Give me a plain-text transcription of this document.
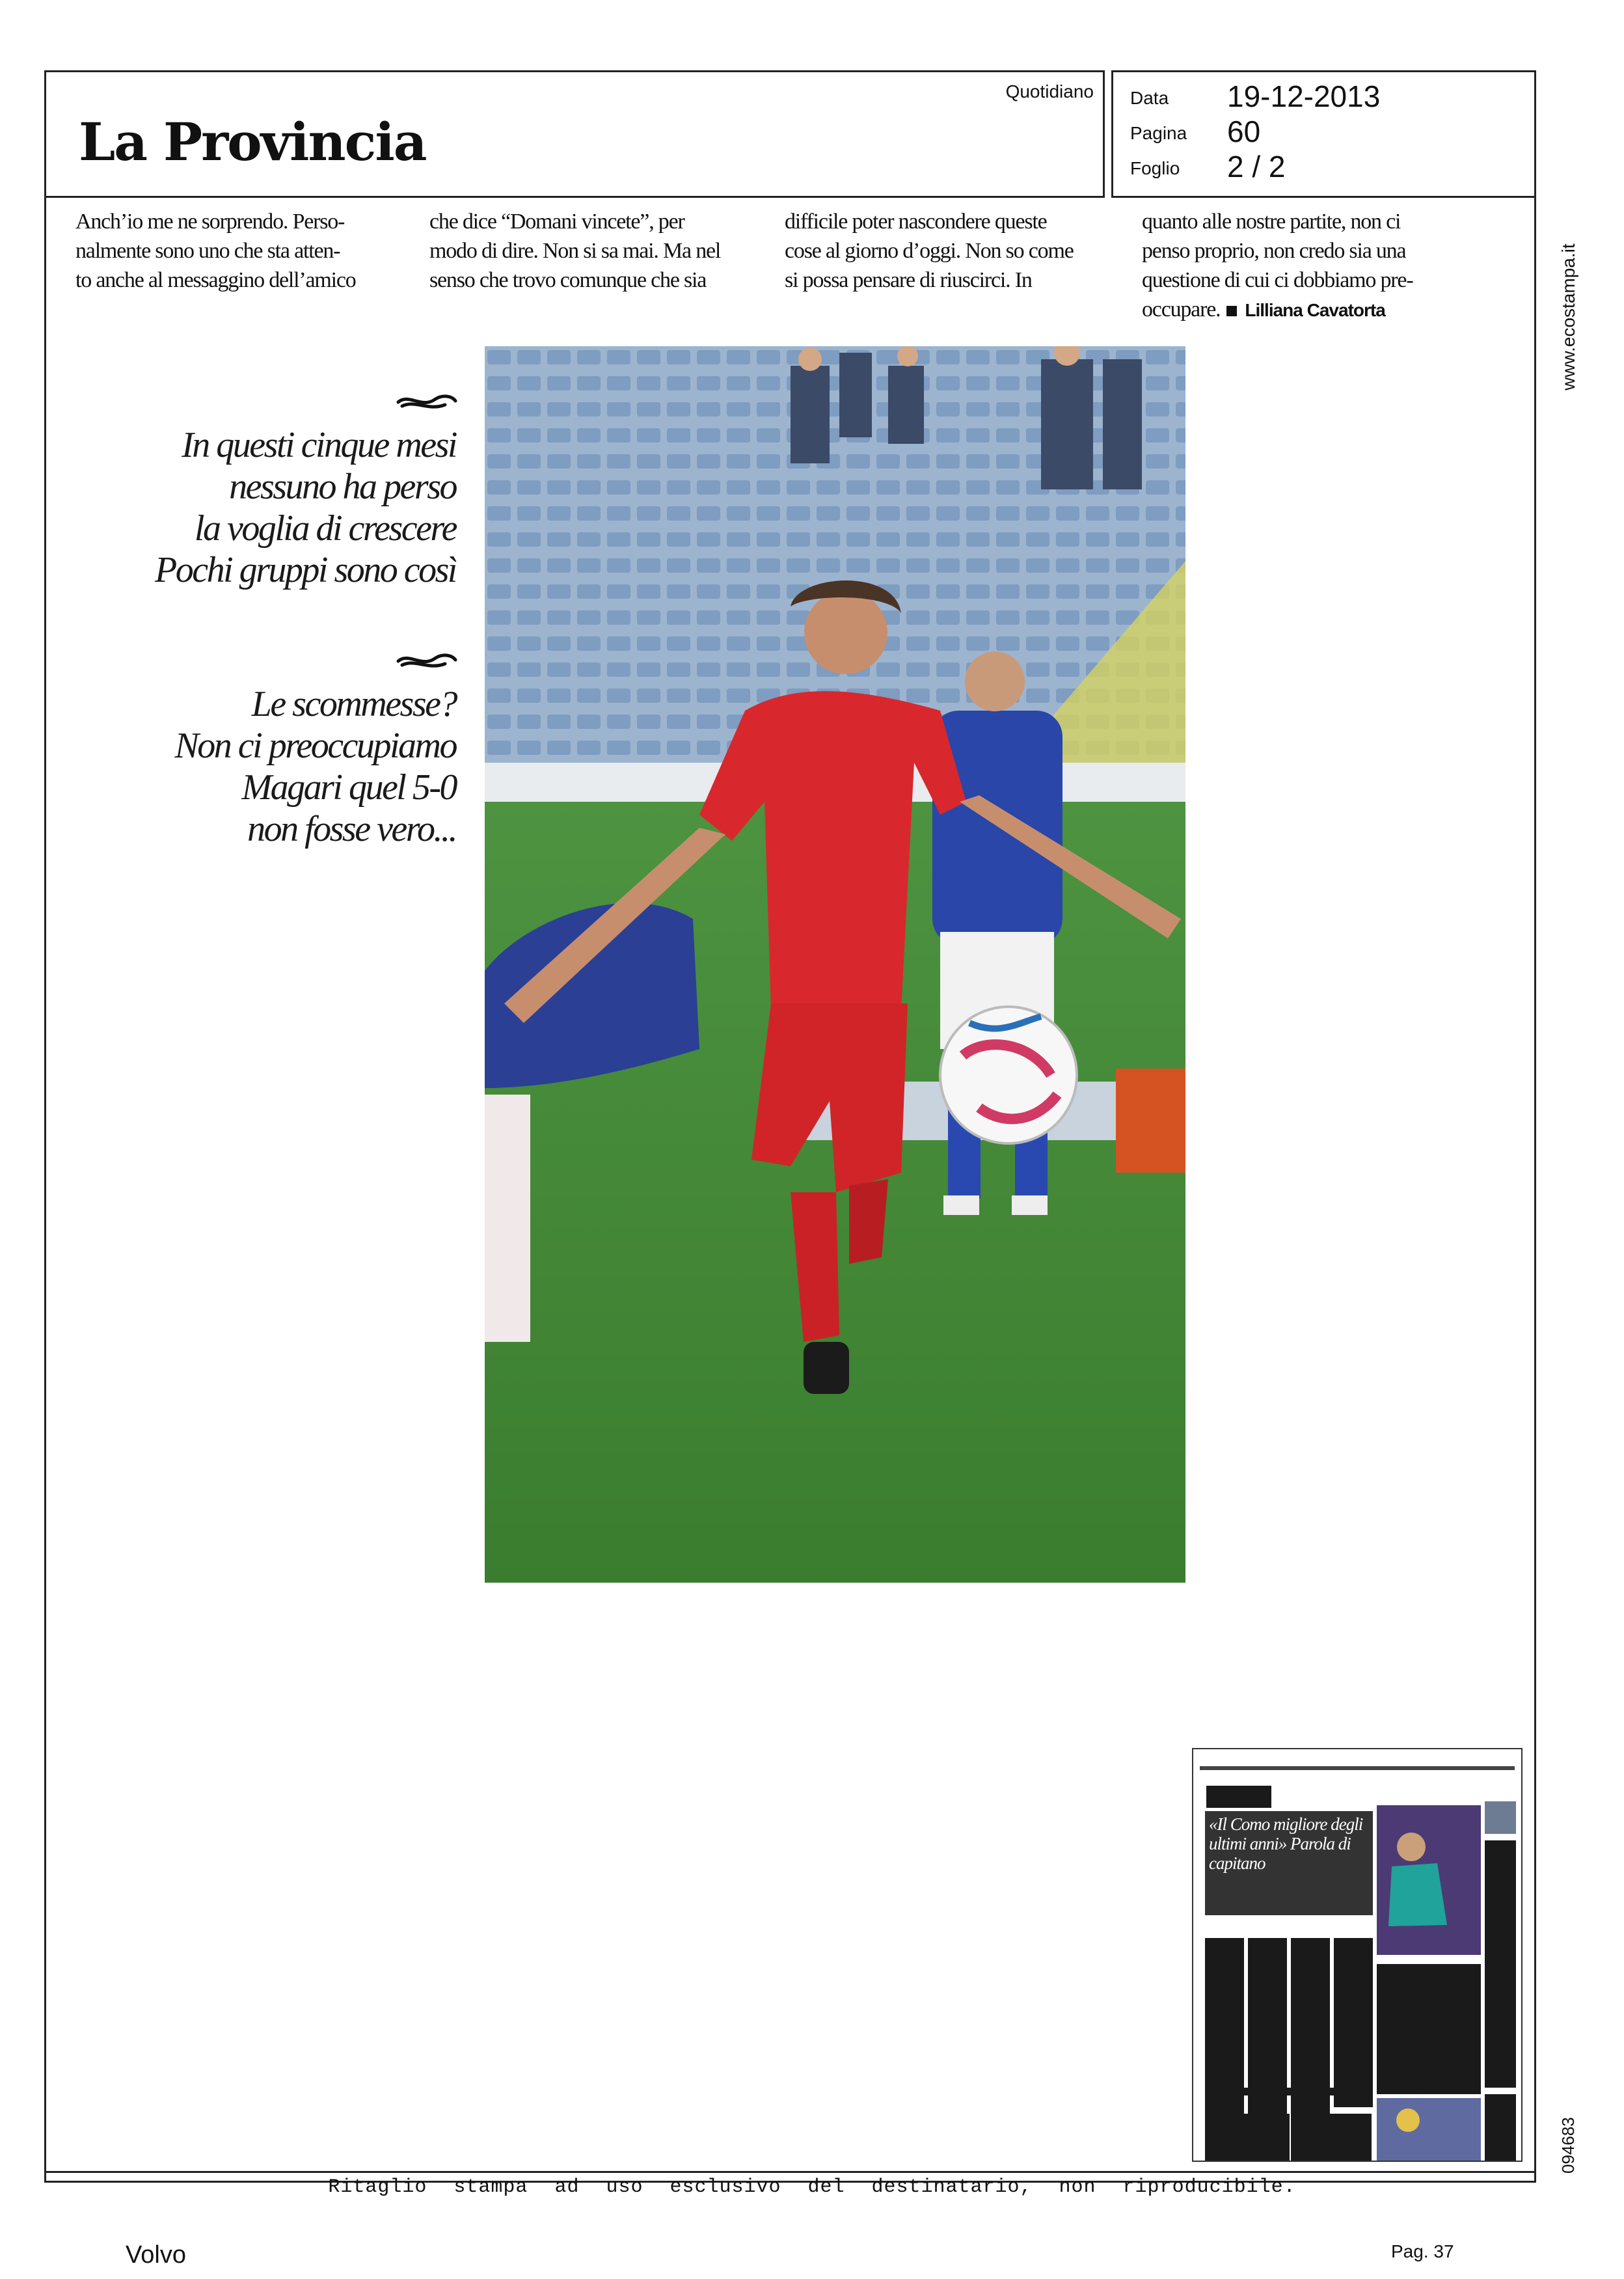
La Provincia
Quotidiano Data 19-12-2013
Pagina 60
Foglio 2 / 2
www.ecostampa.it
094683
Anch’io me ne sorprendo. Perso-
nalmente sono uno che sta atten-
to anche al messaggino dell’amico
che dice “Domani vincete”, per
modo di dire. Non si sa mai. Ma nel
senso che trovo comunque che sia
difficile poter nascondere queste
cose al giorno d’oggi. Non so come
si possa pensare di riuscirci. In
quanto alle nostre partite, non ci
penso proprio, non credo sia una
questione di cui ci dobbiamo pre-
occupare. Lilliana Cavatorta
In questi cinque mesi
nessuno ha perso
la voglia di crescere
Pochi gruppi sono così
Le scommesse?
Non ci preoccupiamo
Magari quel 5-0
non fosse vero...
«Il Como migliore degli ultimi anni» Parola di capitano
Ritaglio stampa ad uso esclusivo del destinatario, non riproducibile.
Volvo	Pag. 37
